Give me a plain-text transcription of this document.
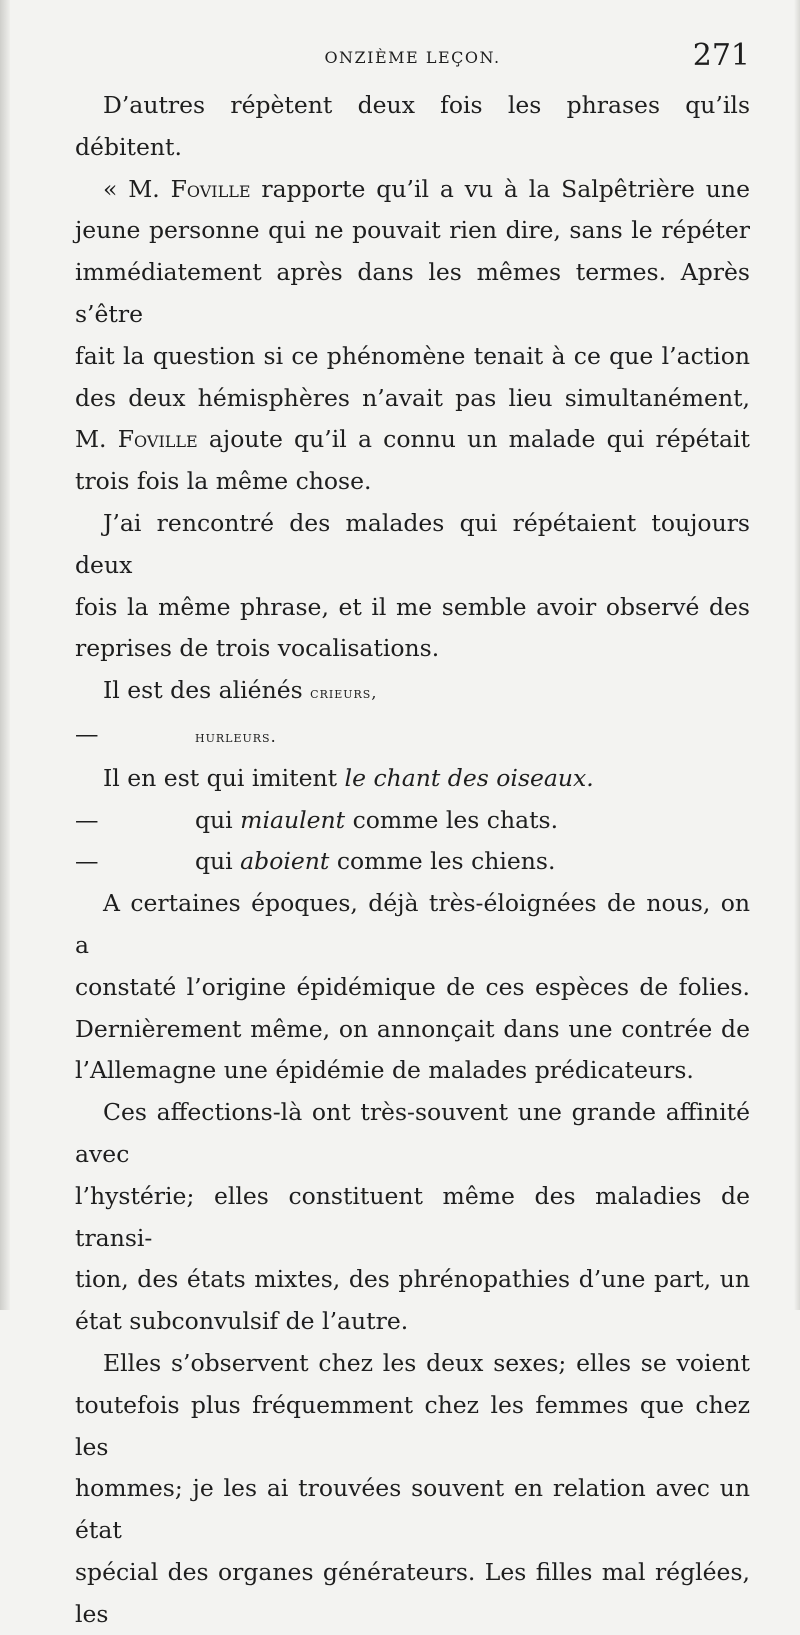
ONZIÈME LEÇON.	271

D’autres répètent deux fois les phrases qu’ils débitent.

« M. Foville rapporte qu’il a vu à la Salpêtrière une

jeune personne qui ne pouvait rien dire, sans le répéter

immédiatement après dans les mêmes termes. Après s’être

fait la question si ce phénomène tenait à ce que l’action

des deux hémisphères n’avait pas lieu simultanément,

M. Foville ajoute qu’il a connu un malade qui répétait

trois fois la même chose.

J’ai rencontré des malades qui répétaient toujours deux

fois la même phrase, et il me semble avoir observé des

reprises de trois vocalisations.

Il est des aliénés crieurs,

—	hurleurs.

Il en est qui imitent le chant des oiseaux.

—	qui miaulent comme les chats.

—	qui aboient comme les chiens.

A certaines époques, déjà très-éloignées de nous, on a

constaté l’origine épidémique de ces espèces de folies.

Dernièrement même, on annonçait dans une contrée de

l’Allemagne une épidémie de malades prédicateurs.

Ces affections-là ont très-souvent une grande affinité avec

l’hystérie; elles constituent même des maladies de transi-

tion, des états mixtes, des phrénopathies d’une part, un

état subconvulsif de l’autre.

Elles s’observent chez les deux sexes; elles se voient

toutefois plus fréquemment chez les femmes que chez les

hommes; je les ai trouvées souvent en relation avec un état

spécial des organes générateurs. Les filles mal réglées, les
